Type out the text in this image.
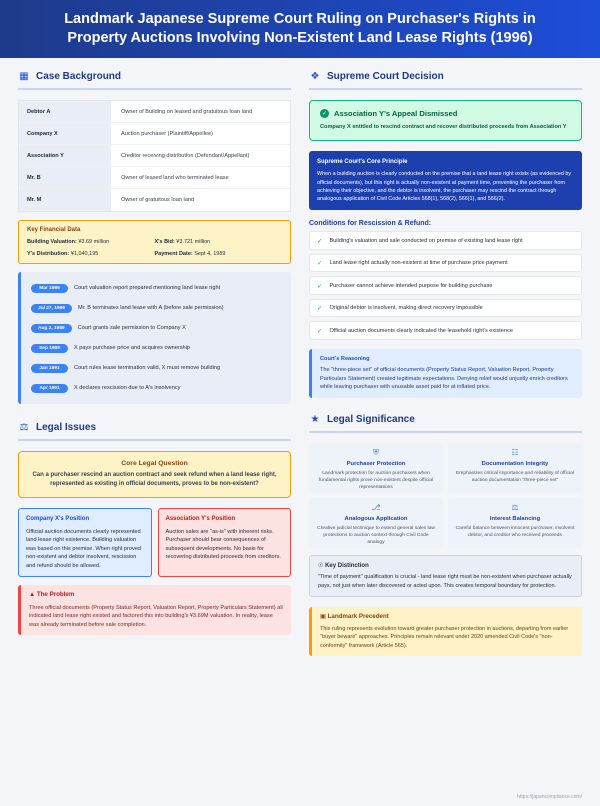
Landmark Japanese Supreme Court Ruling on Purchaser's Rights in Property Auctions Involving Non-Existent Land Lease Rights (1996)
▦ Case Background
Debtor A	Owner of Building on leased and gratuitous loan land
Company X	Auction purchaser (Plaintiff/Appellee)
Association Y	Creditor receiving distribution (Defendant/Appellant)
Mr. B	Owner of leased land who terminated lease
Mr. M	Owner of gratuitous loan land
Key Financial Data
Building Valuation: ¥3.69 million	X's Bid: ¥3.721 million
Y's Distribution: ¥1,040,195	Payment Date: Sept 4, 1989
Mar 1989	Court valuation report prepared mentioning land lease right
Jul 27, 1989	Mr. B terminates land lease with A (before sale permission)
Aug 2, 1989	Court grants sale permission to Company X
Sep 1989	X pays purchase price and acquires ownership
Jan 1991	Court rules lease termination valid, X must remove building
Apr 1991	X declares rescission due to A's insolvency
⚖ Legal Issues
Core Legal Question
Can a purchaser rescind an auction contract and seek refund when a land lease right, represented as existing in official documents, proves to be non-existent?
Company X's Position
Official auction documents clearly represented land lease right existence. Building valuation was based on this premise. When right proved non-existent and debtor insolvent, rescission and refund should be allowed.
Association Y's Position
Auction sales are "as-is" with inherent risks. Purchaser should bear consequences of subsequent developments. No basis for recovering distributed proceeds from creditors.
▲ The Problem
Three official documents (Property Status Report, Valuation Report, Property Particulars Statement) all indicated land lease right existed and factored this into building's ¥3.69M valuation. In reality, lease was already terminated before sale completion.
❖ Supreme Court Decision
✓ Association Y's Appeal Dismissed
Company X entitled to rescind contract and recover distributed proceeds from Association Y
Supreme Court's Core Principle
When a building auction is clearly conducted on the premise that a land lease right exists (as evidenced by official documents), but this right is actually non-existent at payment time, preventing the purchaser from achieving their objective, and the debtor is insolvent, the purchaser may rescind the contract through analogous application of Civil Code Articles 568(1), 568(2), 566(1), and 566(2).
Conditions for Rescission & Refund:
✓ Building's valuation and sale conducted on premise of existing land lease right
✓ Land lease right actually non-existent at time of purchase price payment
✓ Purchaser cannot achieve intended purpose for building purchase
✓ Original debtor is insolvent, making direct recovery impossible
✓ Official auction documents clearly indicated the leasehold right's existence
Court's Reasoning
The "three-piece set" of official documents (Property Status Report, Valuation Report, Property Particulars Statement) created legitimate expectations. Denying relief would unjustly enrich creditors while leaving purchaser with unusable asset paid for at inflated price.
★ Legal Significance
⛨
Purchaser Protection
Landmark protection for auction purchasers when fundamental rights prove non-existent despite official representations
☷
Documentation Integrity
Emphasizes critical importance and reliability of official auction documentation "three-piece set"
⎇
Analogous Application
Creative judicial technique to extend general sales law protections to auction context through Civil Code analogy
⚖
Interest Balancing
Careful balance between innocent purchaser, insolvent debtor, and creditor who received proceeds
☉ Key Distinction
"Time of payment" qualification is crucial - land lease right must be non-existent when purchaser actually pays, not just when later discovered or acted upon. This creates temporal boundary for protection.
▣ Landmark Precedent
This ruling represents evolution toward greater purchaser protection in auctions, departing from earlier "buyer beware" approaches. Principles remain relevant under 2020 amended Civil Code's "non-conformity" framework (Article 565).
https://japancompliance.com/
